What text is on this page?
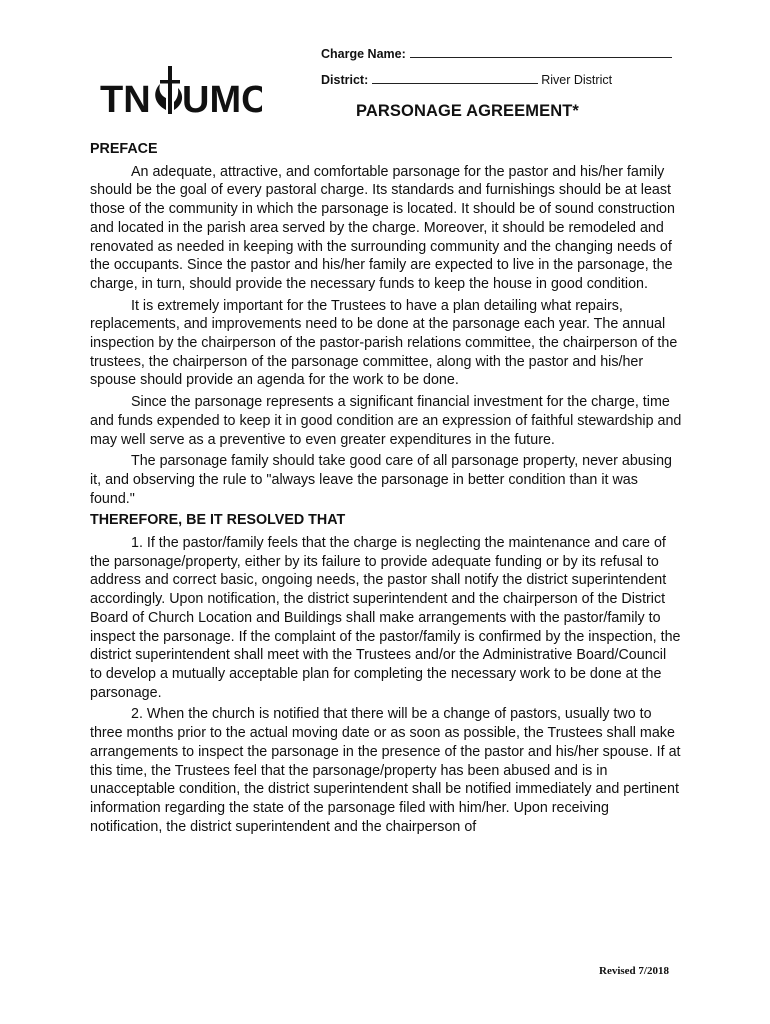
TN UMC
Charge Name:
District:	River District
PARSONAGE AGREEMENT*
PREFACE

An adequate, attractive, and comfortable parsonage for the pastor and his/her family should be the goal of every pastoral charge. Its standards and furnishings should be at least those of the community in which the parsonage is located. It should be of sound construction and located in the parish area served by the charge. Moreover, it should be remodeled and renovated as needed in keeping with the surrounding community and the changing needs of the occupants. Since the pastor and his/her family are expected to live in the parsonage, the charge, in turn, should provide the necessary funds to keep the house in good condition.

It is extremely important for the Trustees to have a plan detailing what repairs, replacements, and improvements need to be done at the parsonage each year. The annual inspection by the chairperson of the pastor-parish relations committee, the chairperson of the trustees, the chairperson of the parsonage committee, along with the pastor and his/her spouse should provide an agenda for the work to be done.

Since the parsonage represents a significant financial investment for the charge, time and funds expended to keep it in good condition are an expression of faithful stewardship and may well serve as a preventive to even greater expenditures in the future.

The parsonage family should take good care of all parsonage property, never abusing it, and observing the rule to "always leave the parsonage in better condition than it was found."

THEREFORE, BE IT RESOLVED THAT

1. If the pastor/family feels that the charge is neglecting the maintenance and care of the parsonage/property, either by its failure to provide adequate funding or by its refusal to address and correct basic, ongoing needs, the pastor shall notify the district superintendent accordingly. Upon notification, the district superintendent and the chairperson of the District Board of Church Location and Buildings shall make arrangements with the pastor/family to inspect the parsonage. If the complaint of the pastor/family is confirmed by the inspection, the district superintendent shall meet with the Trustees and/or the Administrative Board/Council to develop a mutually acceptable plan for completing the necessary work to be done at the parsonage.

2. When the church is notified that there will be a change of pastors, usually two to three months prior to the actual moving date or as soon as possible, the Trustees shall make arrangements to inspect the parsonage in the presence of the pastor and his/her spouse. If at this time, the Trustees feel that the parsonage/property has been abused and is in unacceptable condition, the district superintendent shall be notified immediately and pertinent information regarding the state of the parsonage filed with him/her. Upon receiving notification, the district superintendent and the chairperson of

Revised 7/2018
